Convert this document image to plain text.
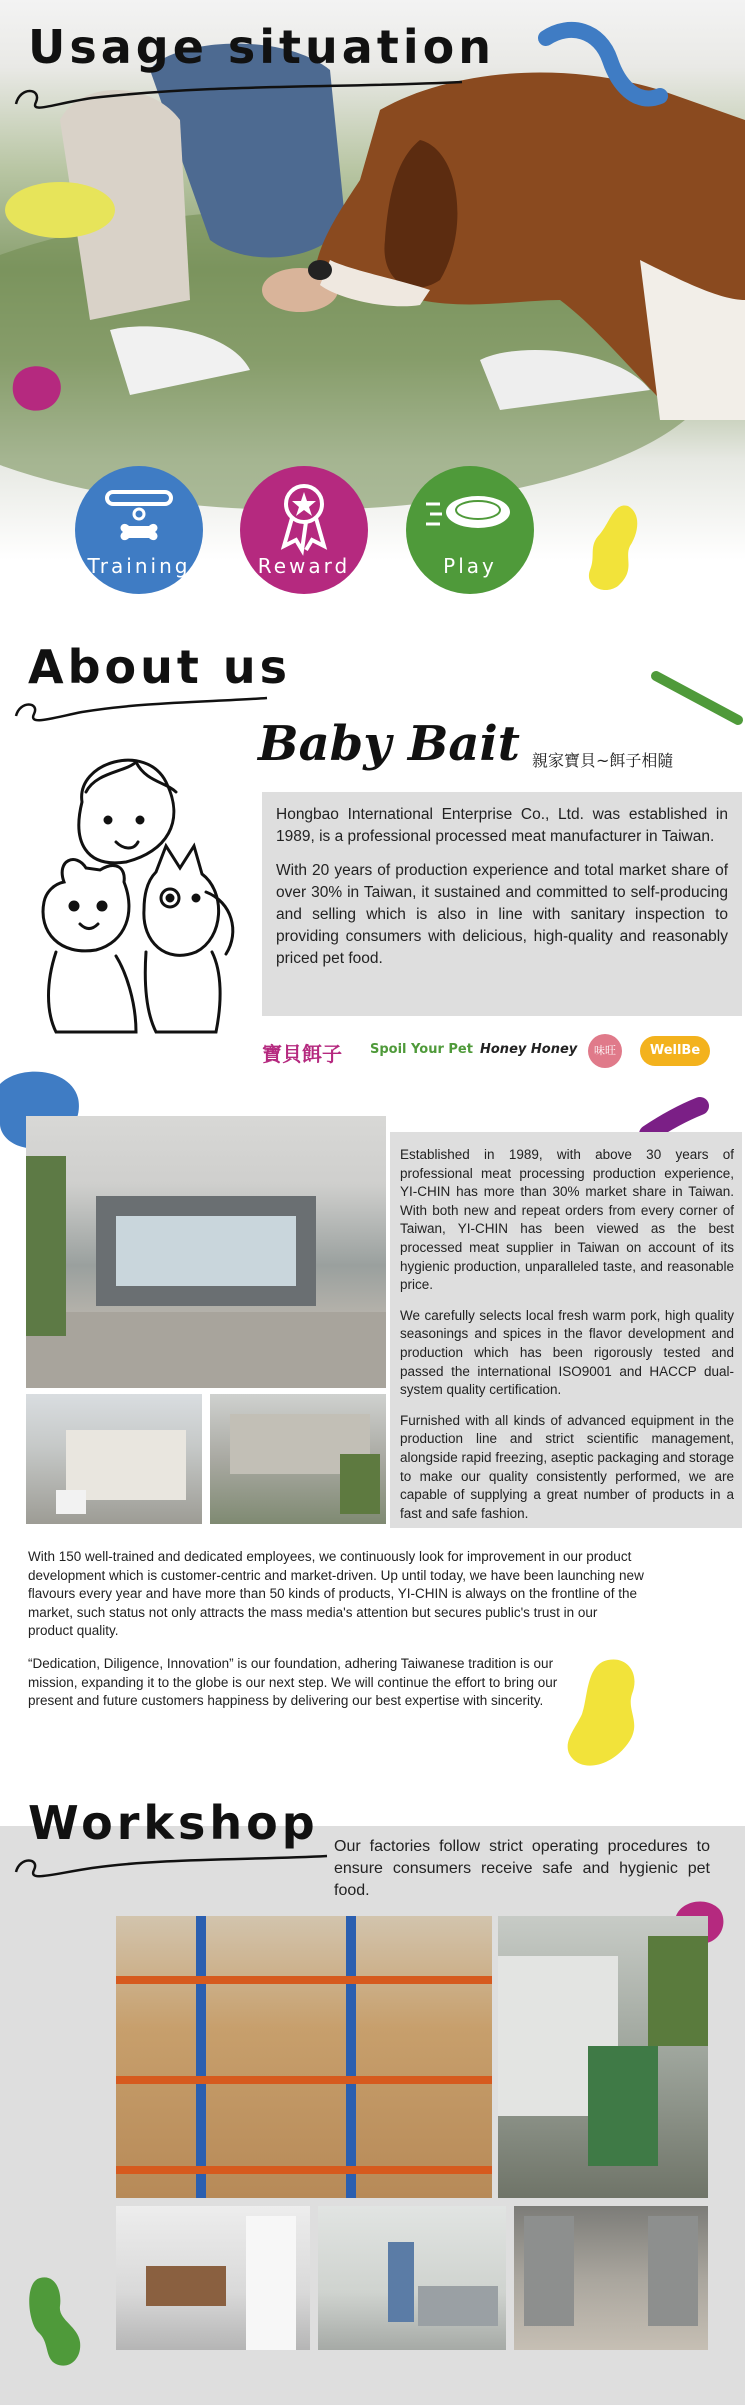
Usage situation
Training	Reward	Play
About us
Baby Bait 親家寶貝~餌子相隨

Hongbao International Enterprise Co., Ltd. was established in 1989, is a professional processed meat manufacturer in Taiwan.

With 20 years of production experience and total market share of over 30% in Taiwan, it sustained and committed to self-producing and selling which is also in line with sanitary inspection to providing consumers with delicious, high-quality and reasonably priced pet food.

寶貝餌子 Spoil Your Pet Honey Honey	味旺	WellBe

Established in 1989, with above 30 years of professional meat processing production experience, YI-CHIN has more than 30% market share in Taiwan. With both new and repeat orders from every corner of Taiwan, YI-CHIN has been viewed as the best processed meat supplier in Taiwan on account of its hygienic production, unparalleled taste, and reasonable price.

We carefully selects local fresh warm pork, high quality seasonings and spices in the flavor development and production which has been rigorously tested and passed the international ISO9001 and HACCP dual-system quality certification.

Furnished with all kinds of advanced equipment in the production line and strict scientific management, alongside rapid freezing, aseptic packaging and storage to make our quality consistently performed, we are capable of supplying a great number of products in a fast and safe fashion.

With 150 well-trained and dedicated employees, we continuously look for improvement in our product development which is customer-centric and market-driven. Up until today, we have been launching new flavours every year and have more than 50 kinds of products, YI-CHIN is always on the frontline of the market, such status not only attracts the mass media's attention but secures public's trust in our product quality.

“Dedication, Diligence, Innovation” is our foundation, adhering Taiwanese tradition is our mission, expanding it to the globe is our next step. We will continue the effort to bring our present and future customers happiness by delivering our best expertise with sincerity.

Workshop Our factories follow strict operating procedures to ensure consumers receive safe and hygienic pet food.
